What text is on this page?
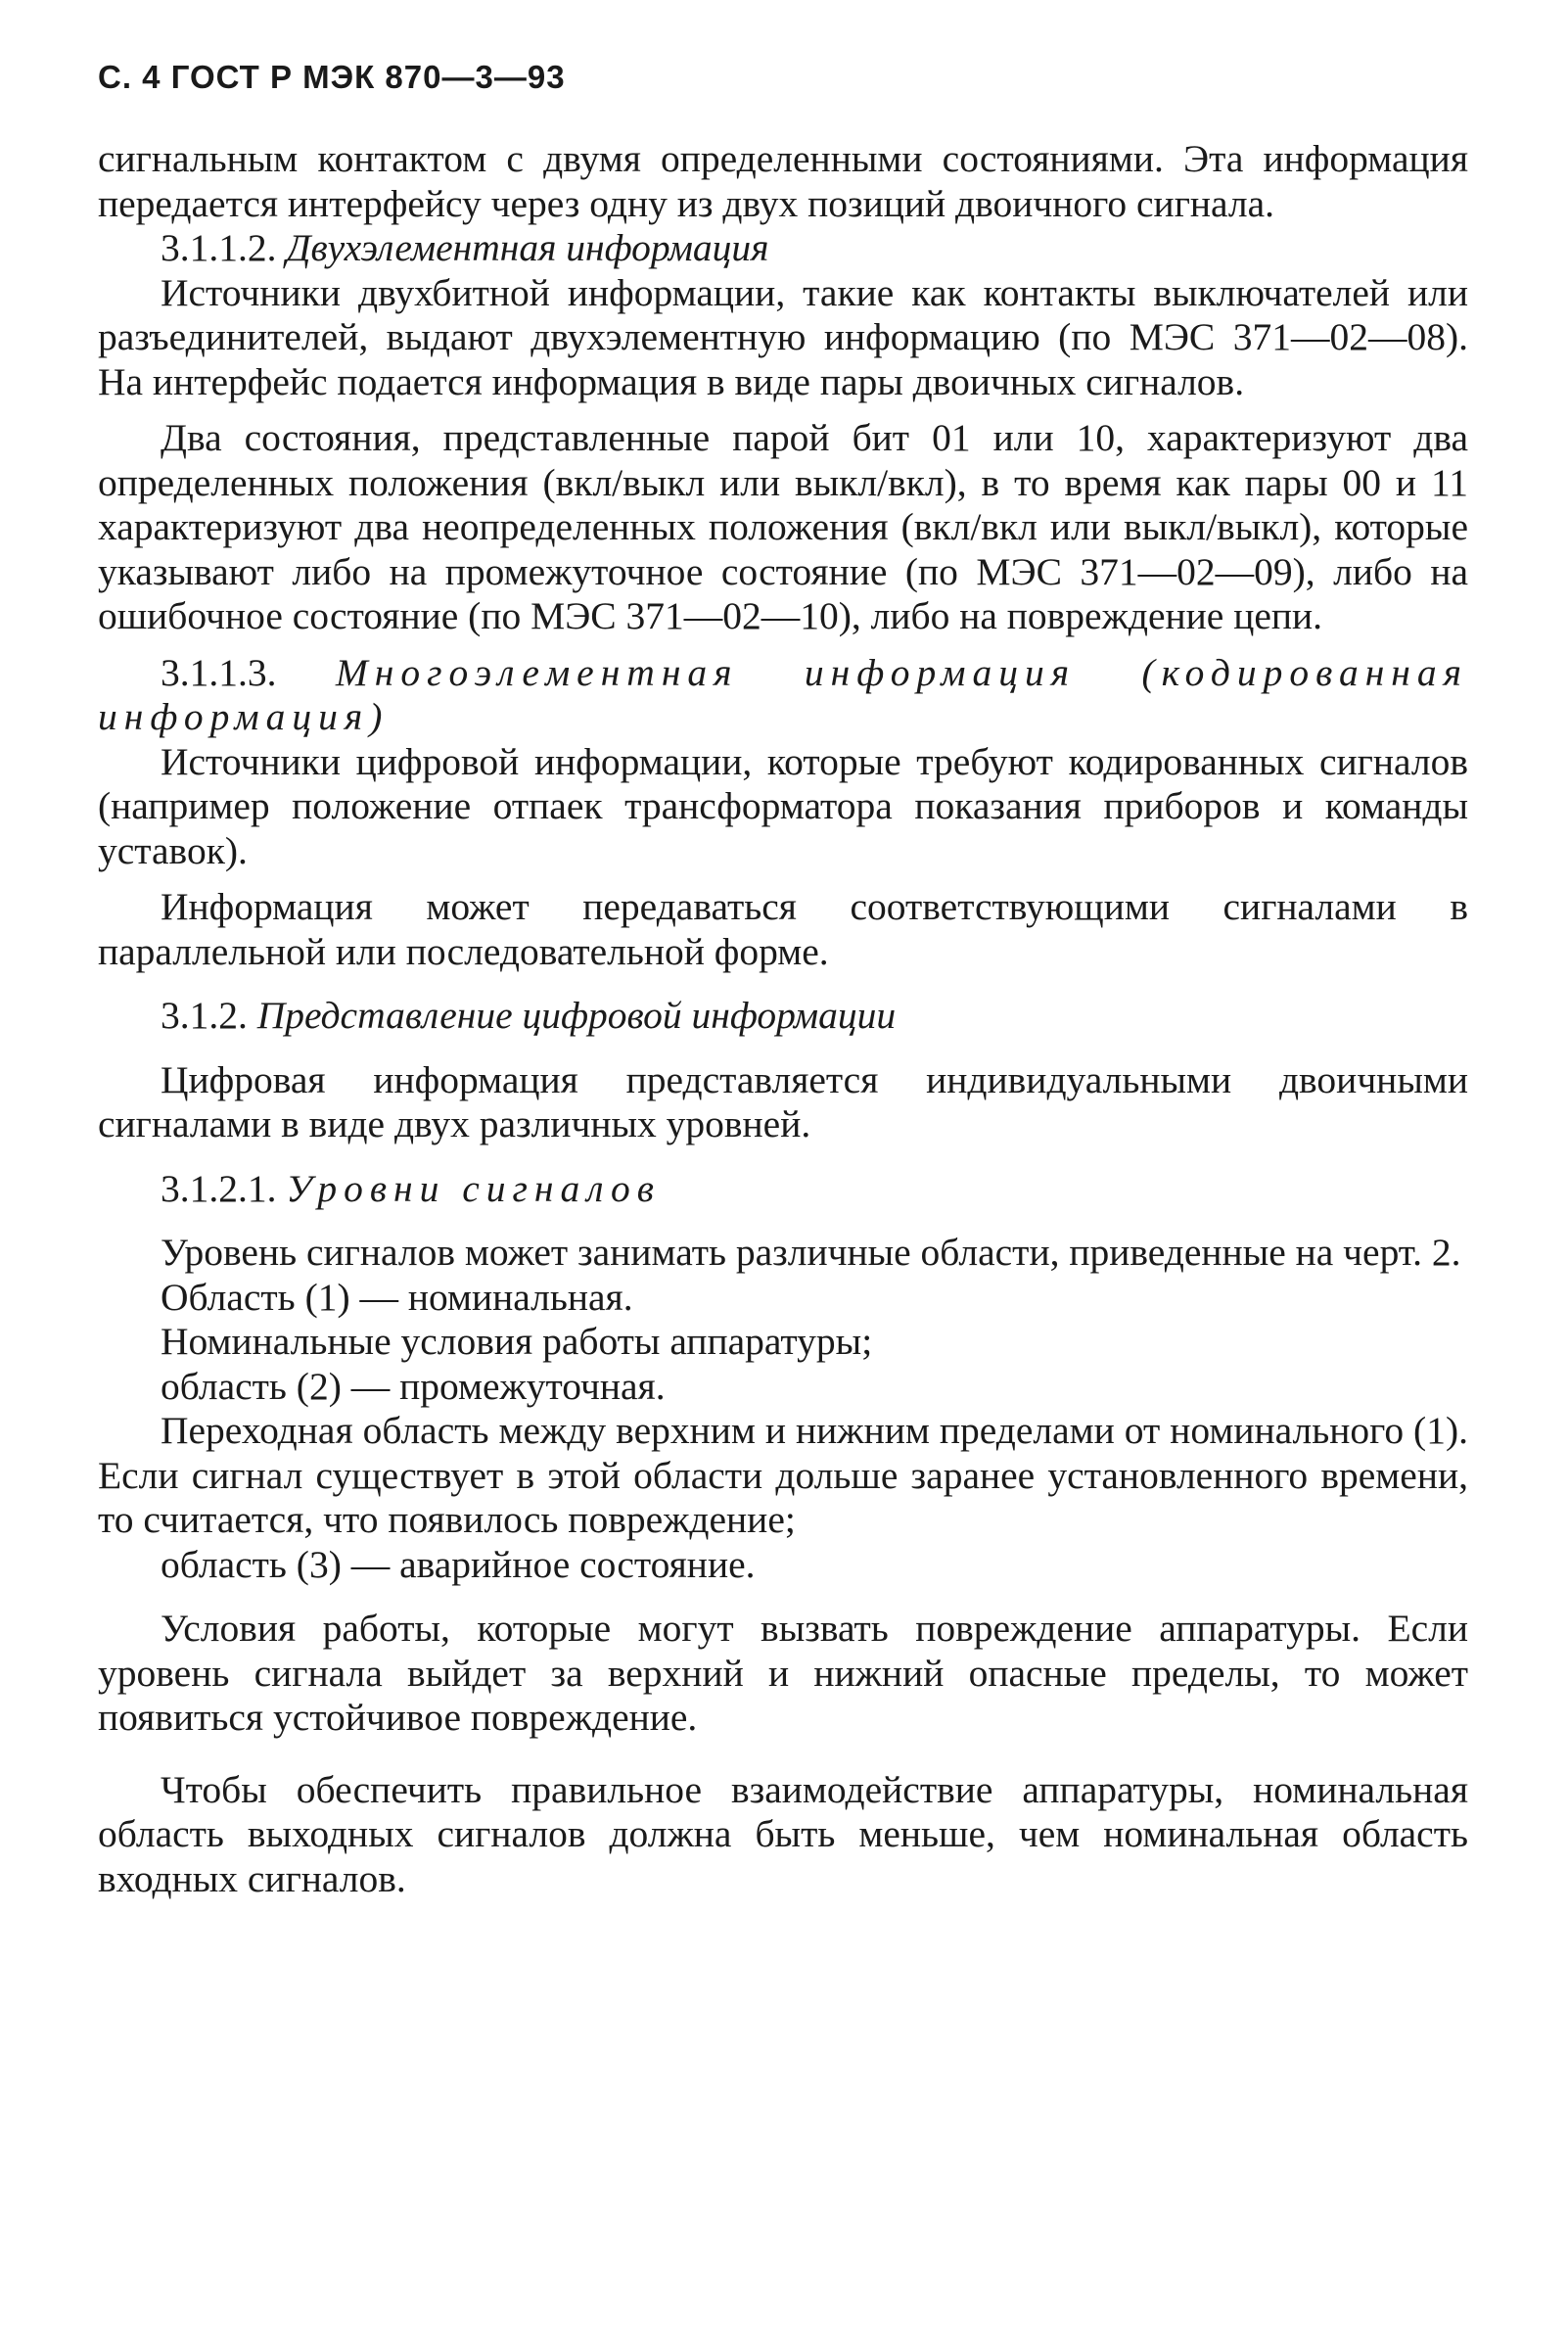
С. 4 ГОСТ Р МЭК 870—3—93

сигнальным контактом с двумя определенными состояниями. Эта информация передается интерфейсу через одну из двух позиций двоичного сигнала.

3.1.1.2. Двухэлементная информация

Источники двухбитной информации, такие как контакты выключателей или разъединителей, выдают двухэлементную информацию (по МЭС 371—02—08). На интерфейс подается информация в виде пары двоичных сигналов.

Два состояния, представленные парой бит 01 или 10, характеризуют два определенных положения (вкл/выкл или выкл/вкл), в то время как пары 00 и 11 характеризуют два неопределенных положения (вкл/вкл или выкл/выкл), которые указывают либо на промежуточное состояние (по МЭС 371—02—09), либо на ошибочное состояние (по МЭС 371—02—10), либо на повреждение цепи.

3.1.1.3. Многоэлементная информация (кодированная информация)

Источники цифровой информации, которые требуют кодированных сигналов (например положение отпаек трансформатора показания приборов и команды уставок).

Информация может передаваться соответствующими сигналами в параллельной или последовательной форме.

3.1.2. Представление цифровой информации

Цифровая информация представляется индивидуальными двоичными сигналами в виде двух различных уровней.

3.1.2.1. Уровни сигналов

Уровень сигналов может занимать различные области, приведенные на черт. 2.

Область (1) — номинальная.

Номинальные условия работы аппаратуры;

область (2) — промежуточная.

Переходная область между верхним и нижним пределами от номинального (1). Если сигнал существует в этой области дольше заранее установленного времени, то считается, что появилось повреждение;

область (3) — аварийное состояние.

Условия работы, которые могут вызвать повреждение аппаратуры. Если уровень сигнала выйдет за верхний и нижний опасные пределы, то может появиться устойчивое повреждение.

Чтобы обеспечить правильное взаимодействие аппаратуры, номинальная область выходных сигналов должна быть меньше, чем номинальная область входных сигналов.
